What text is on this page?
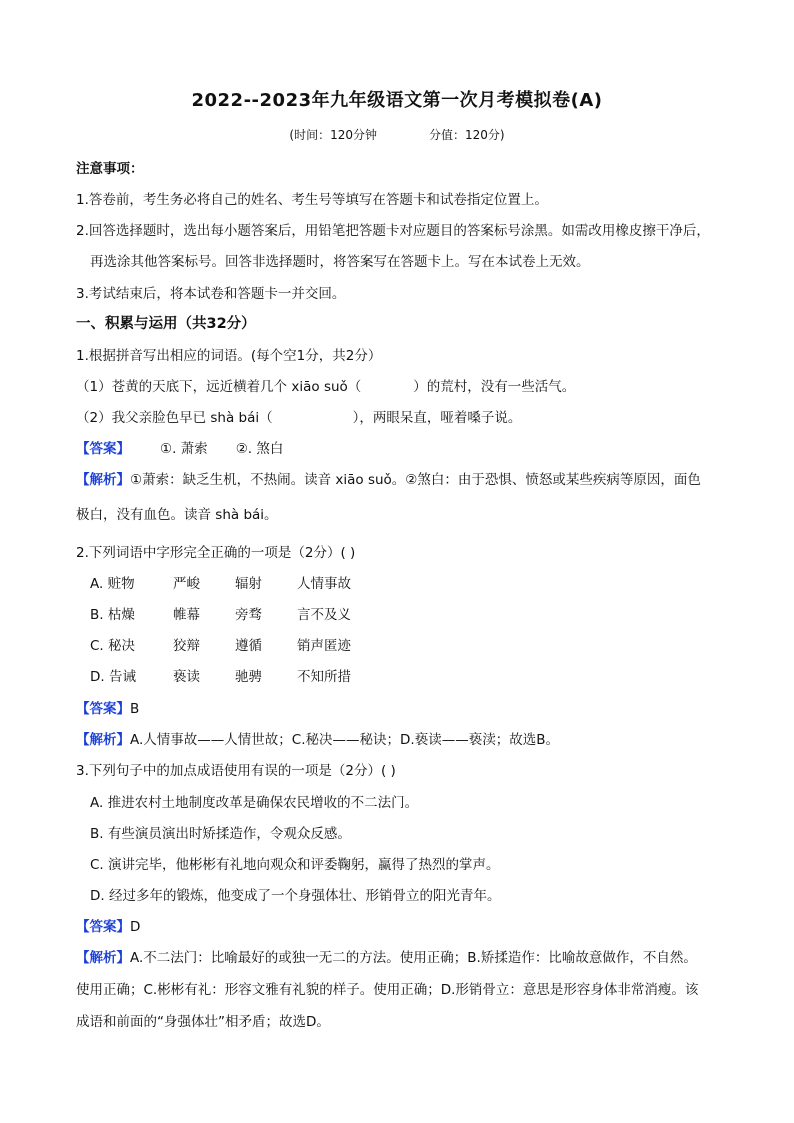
2022--2023年九年级语文第一次月考模拟卷(A)
(时间：120分钟	分值：120分)
注意事项：
1.答卷前，考生务必将自己的姓名、考生号等填写在答题卡和试卷指定位置上。
2.回答选择题时，选出每小题答案后，用铅笔把答题卡对应题目的答案标号涂黑。如需改用橡皮擦干净后，
再选涂其他答案标号。回答非选择题时，将答案写在答题卡上。写在本试卷上无效。
3.考试结束后，将本试卷和答题卡一并交回。
一、积累与运用（共32分）
1.根据拼音写出相应的词语。(每个空1分，共2分）
（1）苍黄的天底下，远近横着几个 xiāo suǒ（	）的荒村，没有一些活气。
（2）我父亲脸色早已 shà bái（	），两眼呆直，哑着嗓子说。
【答案】 ①. 萧索 ②. 煞白
【解析】①萧索：缺乏生机，不热闹。读音 xiāo suǒ。②煞白：由于恐惧、愤怒或某些疾病等原因，面色
极白，没有血色。读音 shà bái。
2.下列词语中字形完全正确的一项是（2分）( )
A. 赃物	严峻	辐射	人情事故
B. 枯燥	帷幕	旁骛	言不及义
C. 秘决	狡辩	遵循	销声匿迹
D. 告诫	亵读	驰骋	不知所措
【答案】B
【解析】A.人情事故——人情世故；C.秘决——秘诀；D.亵读——亵渎；故选B。
3.下列句子中的加点成语使用有误的一项是（2分）( )
A. 推进农村土地制度改革是确保农民增收的不二法门。
B. 有些演员演出时矫揉造作，令观众反感。
C. 演讲完毕，他彬彬有礼地向观众和评委鞠躬，赢得了热烈的掌声。
D. 经过多年的锻炼，他变成了一个身强体壮、形销骨立的阳光青年。
【答案】D
【解析】A.不二法门：比喻最好的或独一无二的方法。使用正确；B.矫揉造作：比喻故意做作，不自然。
使用正确；C.彬彬有礼：形容文雅有礼貌的样子。使用正确；D.形销骨立：意思是形容身体非常消瘦。该
成语和前面的“身强体壮”相矛盾；故选D。
